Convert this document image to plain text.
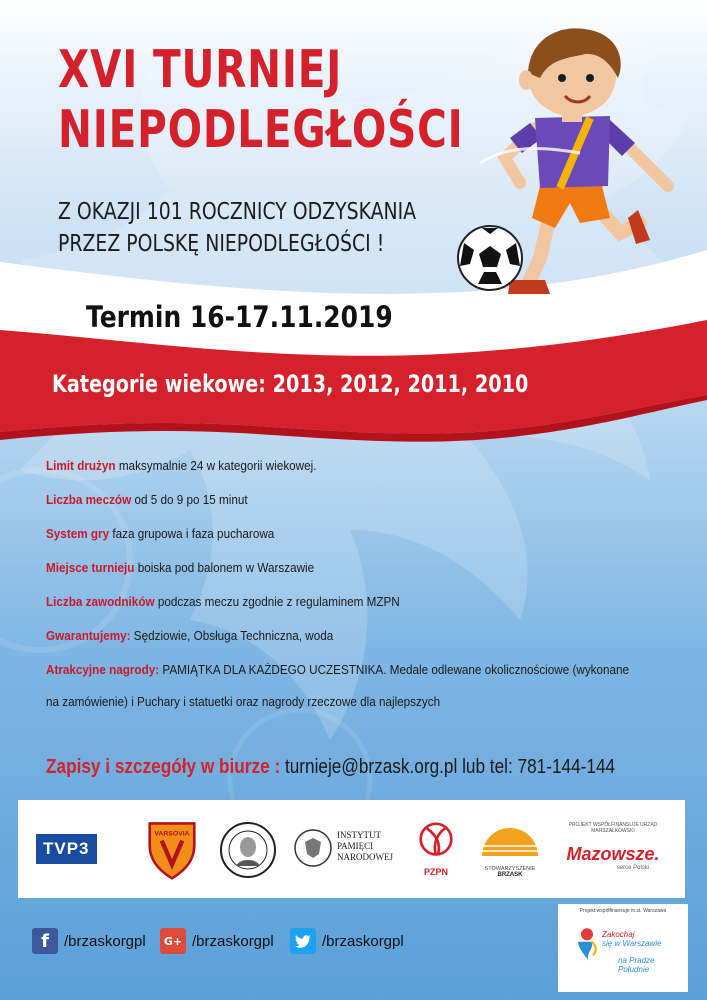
XVI TURNIEJ
NIEPODLEGŁOŚCI
Z OKAZJI 101 ROCZNICY ODZYSKANIA
PRZEZ POLSKĘ NIEPODLEGŁOŚCI !
Termin 16-17.11.2019
Kategorie wiekowe: 2013, 2012, 2011, 2010
Limit drużyn maksymalnie 24 w kategorii wiekowej.
Liczba meczów od 5 do 9 po 15 minut
System gry faza grupowa i faza pucharowa
Miejsce turnieju boiska pod balonem w Warszawie
Liczba zawodników podczas meczu zgodnie z regulaminem MZPN
Gwarantujemy: Sędziowie, Obsługa Techniczna, woda
Atrakcyjne nagrody: PAMIĄTKA DLA KAŻDEGO UCZESTNIKA. Medale odlewane okolicznościowe (wykonane
na zamówienie) i Puchary i statuetki oraz nagrody rzeczowe dla najlepszych
Zapisy i szczegóły w biurze : turnieje@brzask.org.pl lub tel: 781-144-144
TVP3
VARSOVIA	INSTYTUT
PAMIĘCI
NARODOWEJ
PZPN	STOWARZYSZENIE
BRZASK
PROJEKT WSPÓŁFINANSUJE URZĄD MARSZAŁKOWSKI
Mazowsze.
serce Polski
f	/brzaskorgpl	G+ /brzaskorgpl	/brzaskorgpl
Projekt współfinansuje m.st. Warszawa
Zakochaj
się w Warszawie
na Pradze
Południe
